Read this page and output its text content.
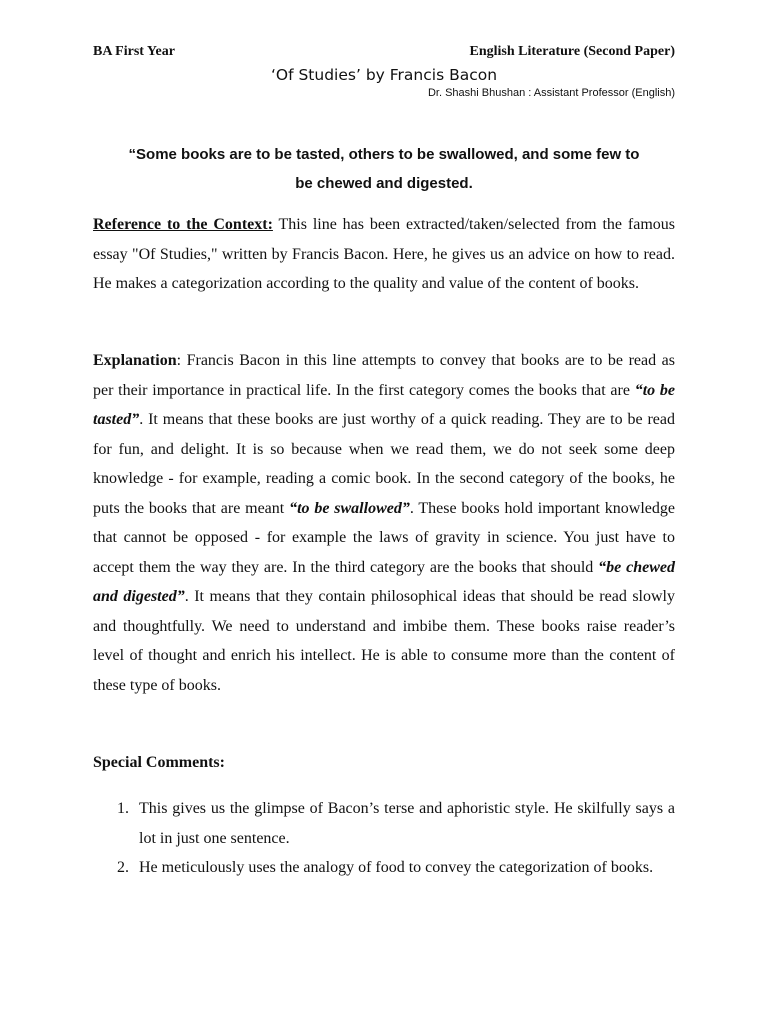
BA First Year	English Literature (Second Paper)
‘Of Studies’ by Francis Bacon
Dr. Shashi Bhushan : Assistant Professor (English)
“Some books are to be tasted, others to be swallowed, and some few to
be chewed and digested.
Reference to the Context: This line has been extracted/taken/selected from the famous essay "Of Studies," written by Francis Bacon. Here, he gives us an advice on how to read. He makes a categorization according to the quality and value of the content of books.
Explanation: Francis Bacon in this line attempts to convey that books are to be read as per their importance in practical life. In the first category comes the books that are “to be tasted”. It means that these books are just worthy of a quick reading. They are to be read for fun, and delight. It is so because when we read them, we do not seek some deep knowledge - for example, reading a comic book. In the second category of the books, he puts the books that are meant “to be swallowed”. These books hold important knowledge that cannot be opposed - for example the laws of gravity in science. You just have to accept them the way they are. In the third category are the books that should “be chewed and digested”. It means that they contain philosophical ideas that should be read slowly and thoughtfully. We need to understand and imbibe them. These books raise reader’s level of thought and enrich his intellect. He is able to consume more than the content of these type of books.
Special Comments:
1. This gives us the glimpse of Bacon’s terse and aphoristic style. He skilfully says a lot in just one sentence.
2. He meticulously uses the analogy of food to convey the categorization of books.
